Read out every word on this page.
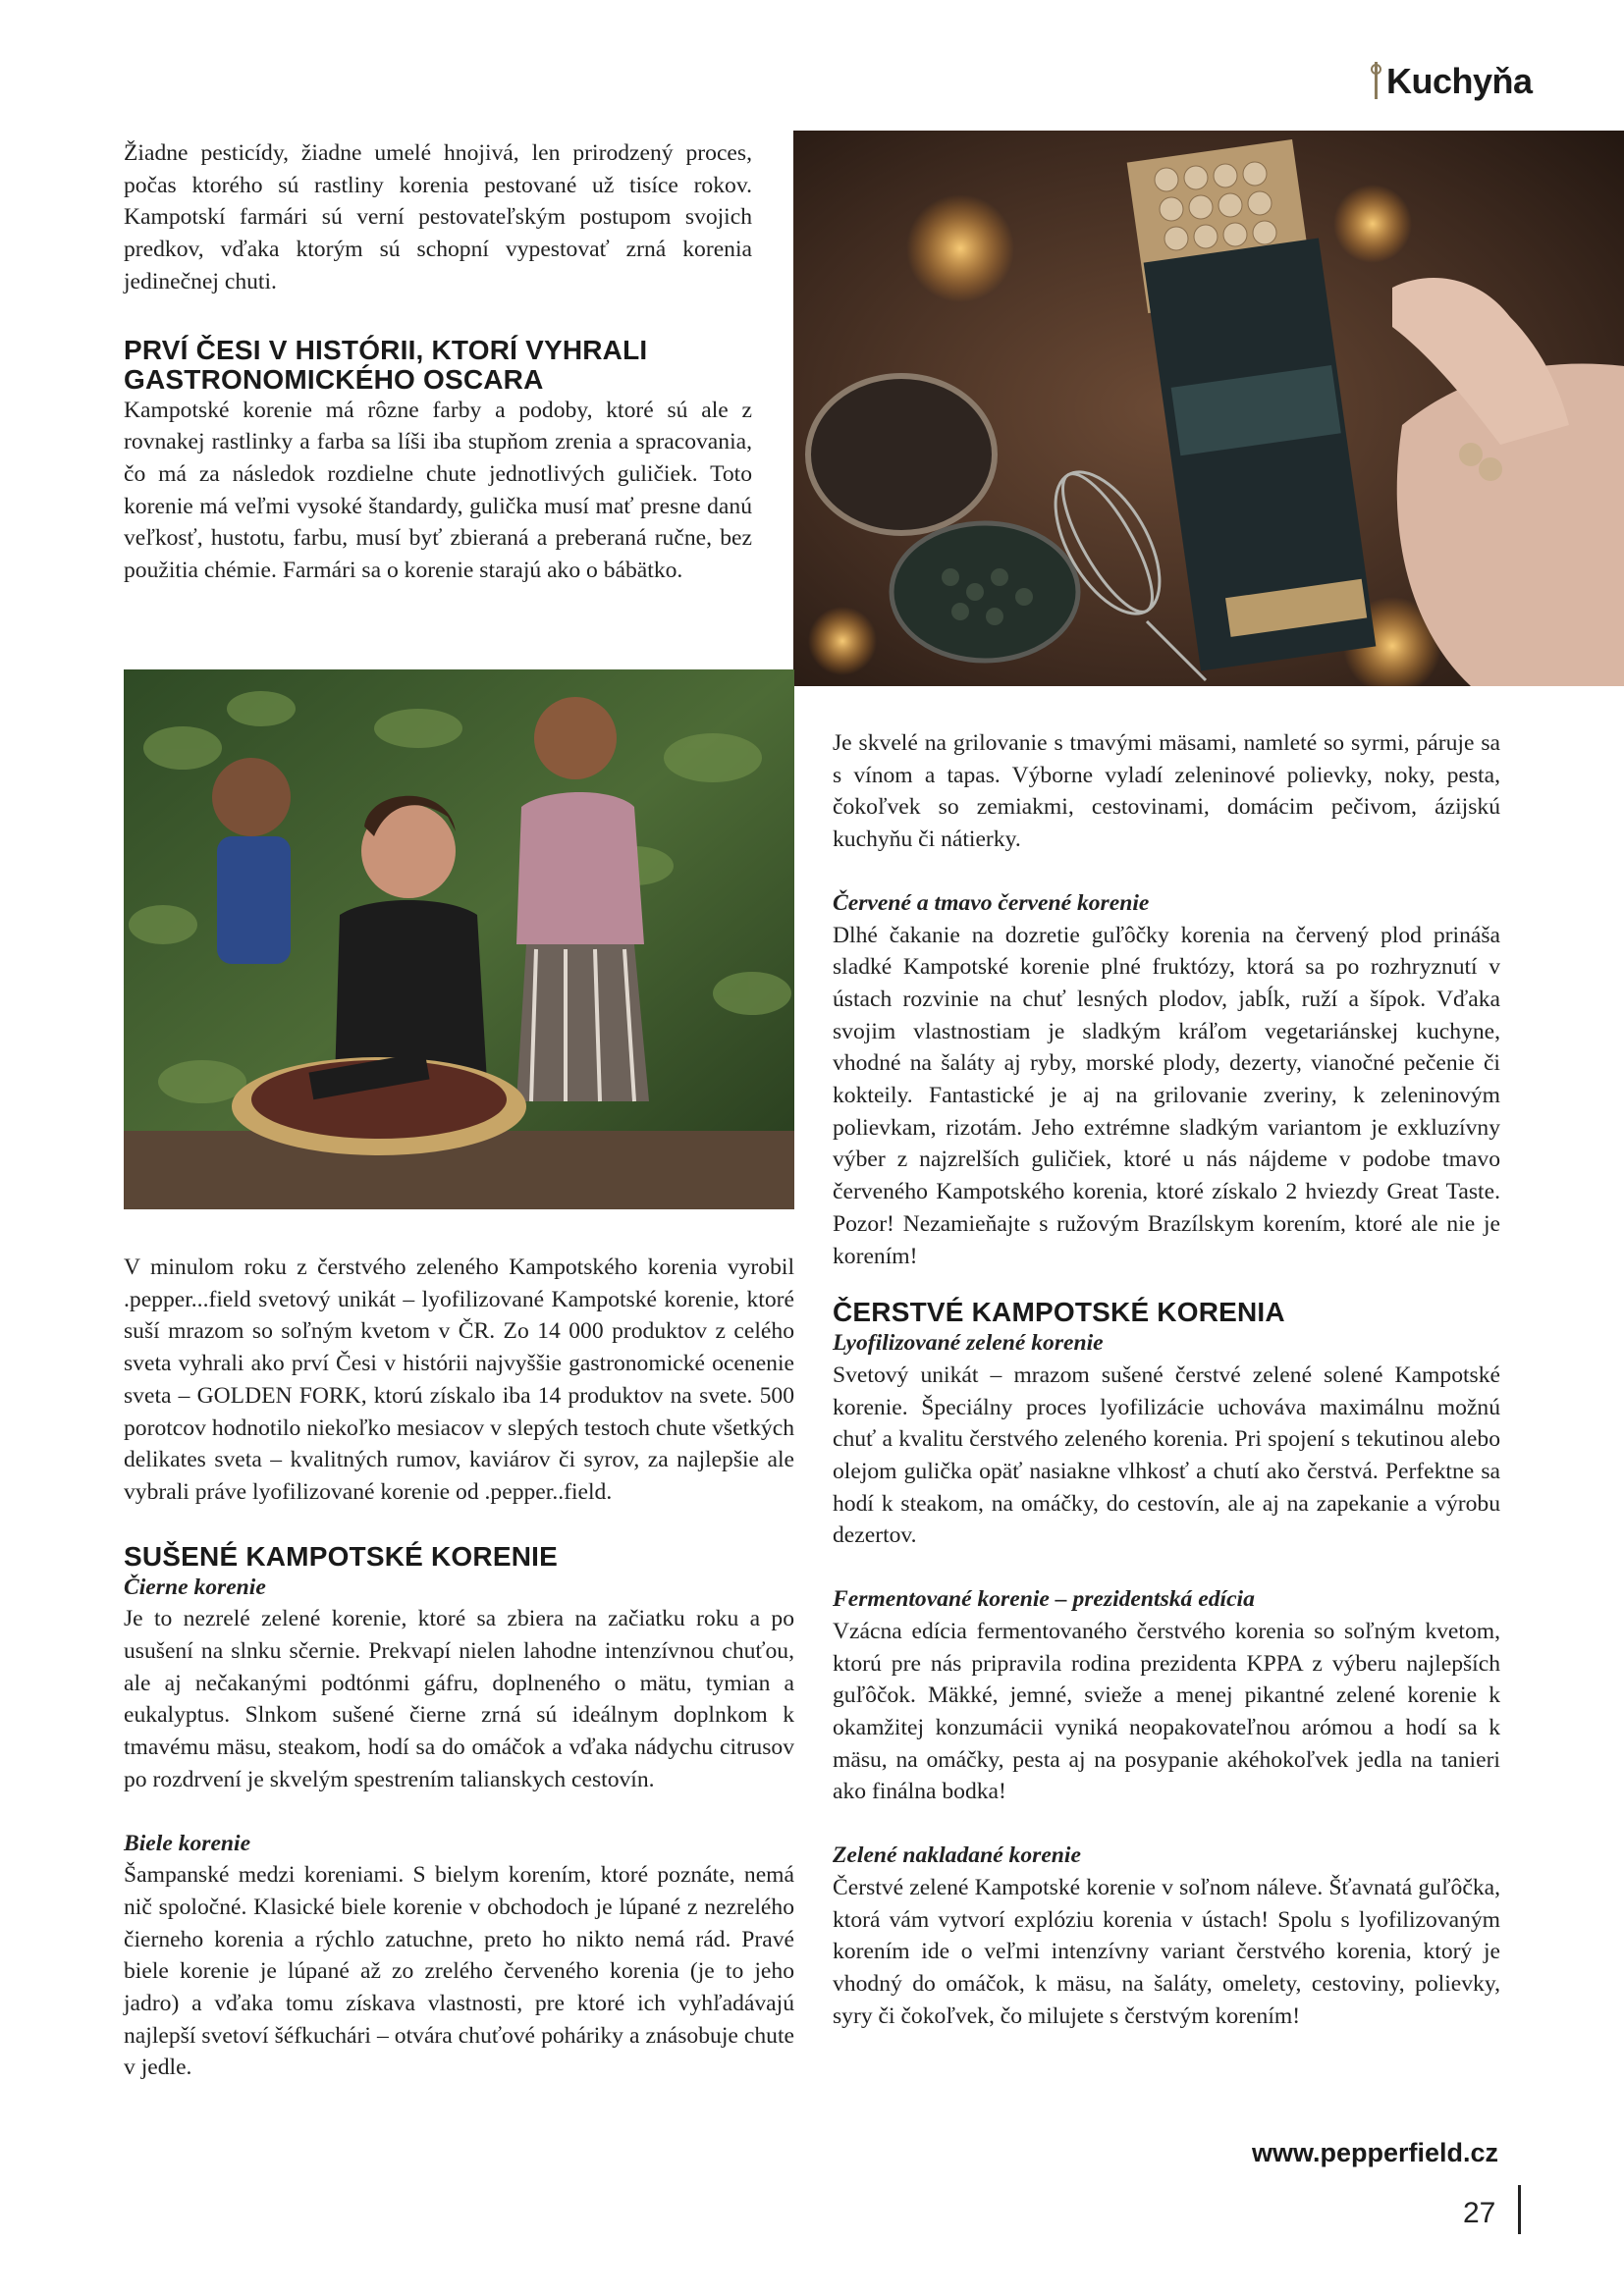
Kuchyňa

Žiadne pesticídy, žiadne umelé hnojivá, len prirodzený proces, počas ktorého sú rastliny korenia pestované už tisíce rokov. Kampotskí farmári sú verní pestovateľským postupom svojich predkov, vďaka ktorým sú schopní vypestovať zrná korenia jedinečnej chuti.

PRVÍ ČESI V HISTÓRII, KTORÍ VYHRALI
GASTRONOMICKÉHO OSCARA

Kampotské korenie má rôzne farby a podoby, ktoré sú ale z rovnakej rastlinky a farba sa líši iba stupňom zrenia a spracovania, čo má za následok rozdielne chute jednotlivých guličiek. Toto korenie má veľmi vysoké štandardy, gulička musí mať presne danú veľkosť, hustotu, farbu, musí byť zbieraná a preberaná ručne, bez použitia chémie. Farmári sa o korenie starajú ako o bábätko.

V minulom roku z čerstvého zeleného Kampotského korenia vyrobil .pepper...field svetový unikát – lyofilizované Kampotské korenie, ktoré suší mrazom so soľným kvetom v ČR. Zo 14 000 produktov z celého sveta vyhrali ako prví Česi v histórii najvyššie gastronomické ocenenie sveta – GOLDEN FORK, ktorú získalo iba 14 produktov na svete. 500 porotcov hodnotilo niekoľko mesiacov v slepých testoch chute všetkých delikates sveta – kvalitných rumov, kaviárov či syrov, za najlepšie ale vybrali práve lyofilizované korenie od .pepper..field.

SUŠENÉ KAMPOTSKÉ KORENIE

Čierne korenie

Je to nezrelé zelené korenie, ktoré sa zbiera na začiatku roku a po usušení na slnku sčernie. Prekvapí nielen lahodne intenzívnou chuťou, ale aj nečakanými podtónmi gáfru, doplneného o mätu, tymian a eukalyptus. Slnkom sušené čierne zrná sú ideálnym doplnkom k tmavému mäsu, steakom, hodí sa do omáčok a vďaka nádychu citrusov po rozdrvení je skvelým spestrením talianskych cestovín.

Biele korenie

Šampanské medzi koreniami. S bielym korením, ktoré poznáte, nemá nič spoločné. Klasické biele korenie v obchodoch je lúpané z nezrelého čierneho korenia a rýchlo zatuchne, preto ho nikto nemá rád. Pravé biele korenie je lúpané až zo zrelého červeného korenia (je to jeho jadro) a vďaka tomu získava vlastnosti, pre ktoré ich vyhľadávajú najlepší svetoví šéfkuchári – otvára chuťové poháriky a znásobuje chute v jedle.

Je skvelé na grilovanie s tmavými mäsami, namleté so syrmi, páruje sa s vínom a tapas. Výborne vyladí zeleninové polievky, noky, pesta, čokoľvek so zemiakmi, cestovinami, domácim pečivom, ázijskú kuchyňu či nátierky.

Červené a tmavo červené korenie

Dlhé čakanie na dozretie guľôčky korenia na červený plod prináša sladké Kampotské korenie plné fruktózy, ktorá sa po rozhryznutí v ústach rozvinie na chuť lesných plodov, jabĺk, ruží a šípok. Vďaka svojim vlastnostiam je sladkým kráľom vegetariánskej kuchyne, vhodné na šaláty aj ryby, morské plody, dezerty, vianočné pečenie či kokteily. Fantastické je aj na grilovanie zveriny, k zeleninovým polievkam, rizotám. Jeho extrémne sladkým variantom je exkluzívny výber z najzrelších guličiek, ktoré u nás nájdeme v podobe tmavo červeného Kampotského korenia, ktoré získalo 2 hviezdy Great Taste. Pozor! Nezamieňajte s ružovým Brazílskym korením, ktoré ale nie je korením!

ČERSTVÉ KAMPOTSKÉ KORENIA

Lyofilizované zelené korenie

Svetový unikát – mrazom sušené čerstvé zelené solené Kampotské korenie. Špeciálny proces lyofilizácie uchováva maximálnu možnú chuť a kvalitu čerstvého zeleného korenia. Pri spojení s tekutinou alebo olejom gulička opäť nasiakne vlhkosť a chutí ako čerstvá. Perfektne sa hodí k steakom, na omáčky, do cestovín, ale aj na zapekanie a výrobu dezertov.

Fermentované korenie – prezidentská edícia

Vzácna edícia fermentovaného čerstvého korenia so soľným kvetom, ktorú pre nás pripravila rodina prezidenta KPPA z výberu najlepších guľôčok. Mäkké, jemné, svieže a menej pikantné zelené korenie k okamžitej konzumácii vyniká neopakovateľnou arómou a hodí sa k mäsu, na omáčky, pesta aj na posypanie akéhokoľvek jedla na tanieri ako finálna bodka!

Zelené nakladané korenie

Čerstvé zelené Kampotské korenie v soľnom náleve. Šťavnatá guľôčka, ktorá vám vytvorí explóziu korenia v ústach! Spolu s lyofilizovaným korením ide o veľmi intenzívny variant čerstvého korenia, ktorý je vhodný do omáčok, k mäsu, na šaláty, omelety, cestoviny, polievky, syry či čokoľvek, čo milujete s čerstvým korením!

www.pepperfield.cz
27
